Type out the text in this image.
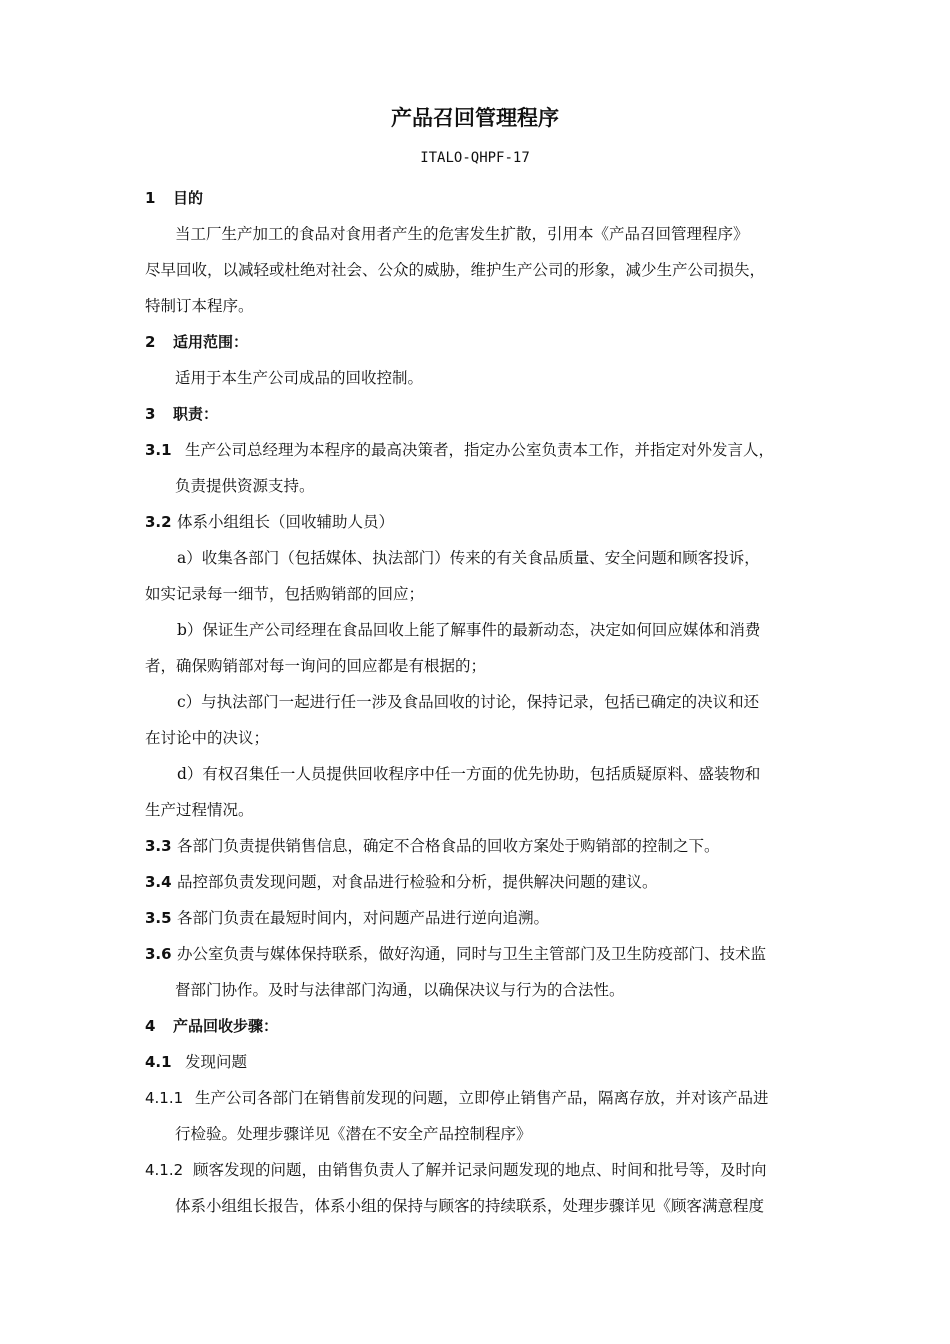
产品召回管理程序
ITALO-QHPF-17
1 目的
当工厂生产加工的食品对食用者产生的危害发生扩散，引用本《产品召回管理程序》
尽早回收，以减轻或杜绝对社会、公众的威胁，维护生产公司的形象，减少生产公司损失，
特制订本程序。
2 适用范围：
适用于本生产公司成品的回收控制。
3 职责：
3.1 生产公司总经理为本程序的最高决策者，指定办公室负责本工作，并指定对外发言人，
负责提供资源支持。
3.2 体系小组组长（回收辅助人员）
a）收集各部门（包括媒体、执法部门）传来的有关食品质量、安全问题和顾客投诉，
如实记录每一细节，包括购销部的回应；
b）保证生产公司经理在食品回收上能了解事件的最新动态，决定如何回应媒体和消费
者，确保购销部对每一询问的回应都是有根据的；
c）与执法部门一起进行任一涉及食品回收的讨论，保持记录，包括已确定的决议和还
在讨论中的决议；
d）有权召集任一人员提供回收程序中任一方面的优先协助，包括质疑原料、盛装物和
生产过程情况。
3.3 各部门负责提供销售信息，确定不合格食品的回收方案处于购销部的控制之下。
3.4 品控部负责发现问题，对食品进行检验和分析，提供解决问题的建议。
3.5 各部门负责在最短时间内，对问题产品进行逆向追溯。
3.6 办公室负责与媒体保持联系，做好沟通，同时与卫生主管部门及卫生防疫部门、技术监
督部门协作。及时与法律部门沟通，以确保决议与行为的合法性。
4 产品回收步骤：
4.1 发现问题
4.1.1 生产公司各部门在销售前发现的问题，立即停止销售产品，隔离存放，并对该产品进
行检验。处理步骤详见《潜在不安全产品控制程序》
4.1.2 顾客发现的问题，由销售负责人了解并记录问题发现的地点、时间和批号等，及时向
体系小组组长报告，体系小组的保持与顾客的持续联系，处理步骤详见《顾客满意程度
